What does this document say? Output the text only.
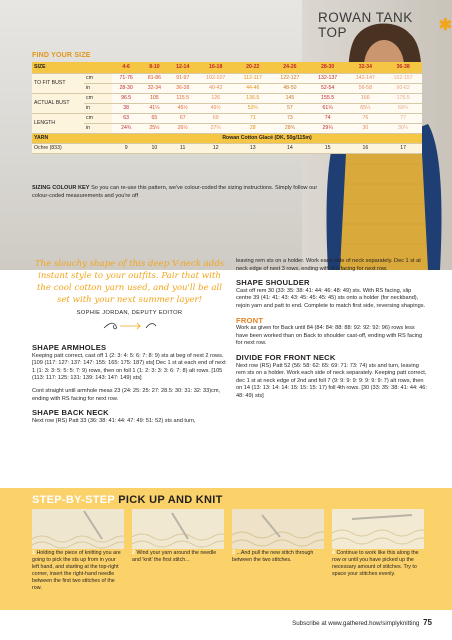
ROWAN TANK TOP	✱
FIND YOUR SIZE
SIZE		4-6	8-10	12-14	16-18	20-22	24-26	28-30	32-34	36-38
TO FIT BUST	cm	71-76	81-86	91-97	102-107	112-117	122-127	132-137	142-147	152-157
	in	28-30	32-34	36-38	40-42	44-46	48-50	52-54	56-58	60-62
ACTUAL BUST	cm	96.5	105	115.5	126	136.5	145	155.5	166	175.5
	in	38	41¼	45½	49½	53¾	57	61¼	65¼	69¼
LENGTH	cm	63	65	67	69	71	73	74	76	77
	in	24¾	25½	26½	27¼	28	28¾	29¼	30	30¼
YARN		Rowan Cotton Glacé (DK, 50g/115m)								
Ochre (833)		9	10	11	12	13	14	15	16	17
SIZING COLOUR KEY So you can re-use this pattern, we've colour-coded the sizing instructions. Simply follow our colour-coded measurements and you're off
The slouchy shape of this deep V-neck adds instant style to your outfits. Pair that with the cool cotton yarn used, and you'll be all set with your next summer layer!
SOPHIE JORDAN, DEPUTY EDITOR
SHAPE ARMHOLES

Keeping patt correct, cast off 1 (2: 3: 4: 5: 6: 7: 8: 9) sts at beg of next 2 rows. [109 (117: 127: 137: 147: 155: 165: 175: 187) sts] Dec 1 st at each end of next 1 (1: 3: 3: 5: 5: 5: 7: 9) rows, then on foll 1 (1: 2: 3: 3: 3: 6: 7: 8) alt rows. [105 (113: 117: 125: 131: 139: 143: 147: 149) sts]

Cont straight until armhole meas 23 (24: 25: 25: 27: 28.5: 30: 31: 32: 33)cm, ending with RS facing for next row.

SHAPE BACK NECK

Next row (RS) Patt 33 (36: 38: 41: 44: 47: 49: 51: 52) sts and turn,

leaving rem sts on a holder. Work each side of neck separately. Dec 1 st at neck edge of next 3 rows, ending with RS facing for next row.

SHAPE SHOULDER

Cast off rem 30 (33: 35: 38: 41: 44: 46: 48: 49) sts. With RS facing, slip centre 39 (41: 41: 43: 43: 45: 45: 45: 45) sts onto a holder (for neckband), rejoin yarn and patt to end. Complete to match first side, reversing shapings.

FRONT

Work as given for Back until 84 (84: 84: 88: 88: 92: 92: 92: 96) rows less have been worked than on Back to shoulder cast-off, ending with RS facing for next row.

DIVIDE FOR FRONT NECK

Next row (RS) Patt 52 (56: 58: 62: 65: 69: 71: 73: 74) sts and turn, leaving rem sts on a holder. Work each side of neck separately. Keeping patt correct, dec 1 st at neck edge of 2nd and foll 7 (9: 9: 9: 9: 9: 9: 9: 9: 7) alt rows, then on 14 (13: 13: 14: 14: 15: 15: 15: 17) foll 4th rows. [30 (33: 35: 38: 41: 44: 46: 48: 49) sts]

STEP-BY-STEP PICK UP AND KNIT
1 Holding the piece of knitting you are going to pick the sts up from in your left hand, and starting at the top-right corner, insert the right-hand needle between the first two stitches of the row.
2 Wind your yarn around the needle and 'knit' the first stitch...
3 ...And pull the new stitch through between the two stitches.
4 Continue to work like this along the row or until you have picked up the necessary amount of stitches. Try to space your stitches evenly.
Subscribe at www.gathered.how/simplyknitting 75
